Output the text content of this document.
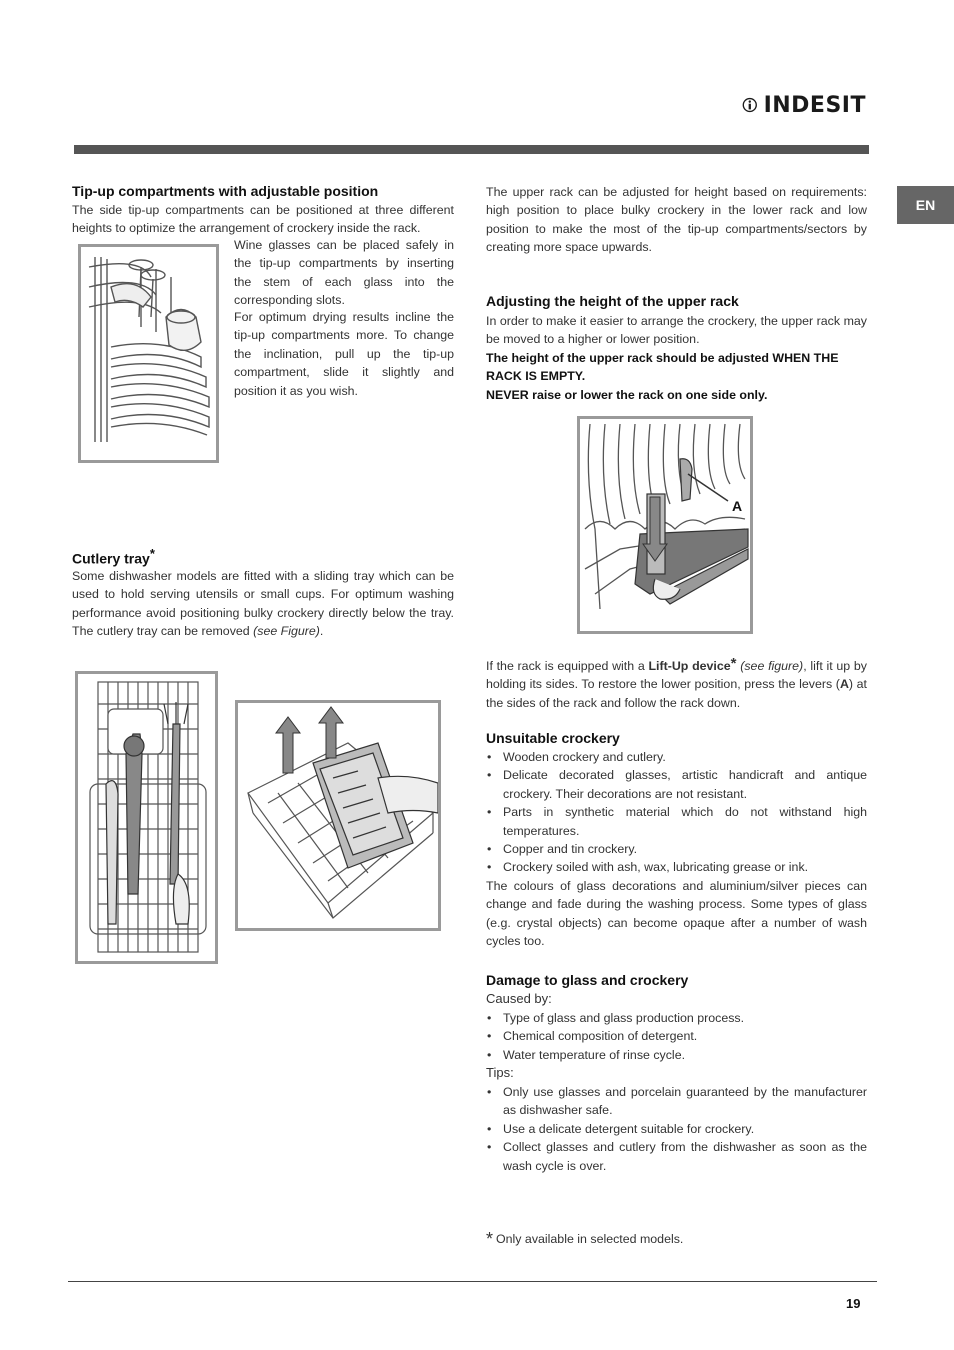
INDESIT
EN
Tip-up compartments with adjustable position

The side tip-up compartments can be positioned at three different heights to optimize the arrangement of crockery inside the rack.

Wine glasses can be placed safely in the tip-up compartments by inserting the stem of each glass into the corresponding slots.

For optimum drying results incline the tip-up compartments more. To change the inclination, pull up the tip-up compartment, slide it slightly and position it as you wish.

Cutlery tray*

Some dishwasher models are fitted with a sliding tray which can be used to hold serving utensils or small cups. For optimum washing performance avoid positioning bulky crockery directly below the tray. The cutlery tray can be removed (see Figure).

The upper rack can be adjusted for height based on requirements: high position to place bulky crockery in the lower rack and low position to make the most of the tip-up compartments/sectors by creating more space upwards.

Adjusting the height of the upper rack

In order to make it easier to arrange the crockery, the upper rack may be moved to a higher or lower position.

The height of the upper rack should be adjusted WHEN THE RACK IS EMPTY.

NEVER raise or lower the rack on one side only.

A

If the rack is equipped with a Lift-Up device* (see figure), lift it up by holding its sides. To restore the lower position, press the levers (A) at the sides of the rack and follow the rack down.

Unsuitable crockery
• Wooden crockery and cutlery.
• Delicate decorated glasses, artistic handicraft and antique crockery. Their decorations are not resistant.
• Parts in synthetic material which do not withstand high temperatures.
• Copper and tin crockery.
• Crockery soiled with ash, wax, lubricating grease or ink.

The colours of glass decorations and aluminium/silver pieces can change and fade during the washing process. Some types of glass (e.g. crystal objects) can become opaque after a number of wash cycles too.

Damage to glass and crockery

Caused by:

• Type of glass and glass production process.
• Chemical composition of detergent.
• Water temperature of rinse cycle.

Tips:

• Only use glasses and porcelain guaranteed by the manufacturer as dishwasher safe.
• Use a delicate detergent suitable for crockery.
• Collect glasses and cutlery from the dishwasher as soon as the wash cycle is over.
* Only available in selected models.
19
